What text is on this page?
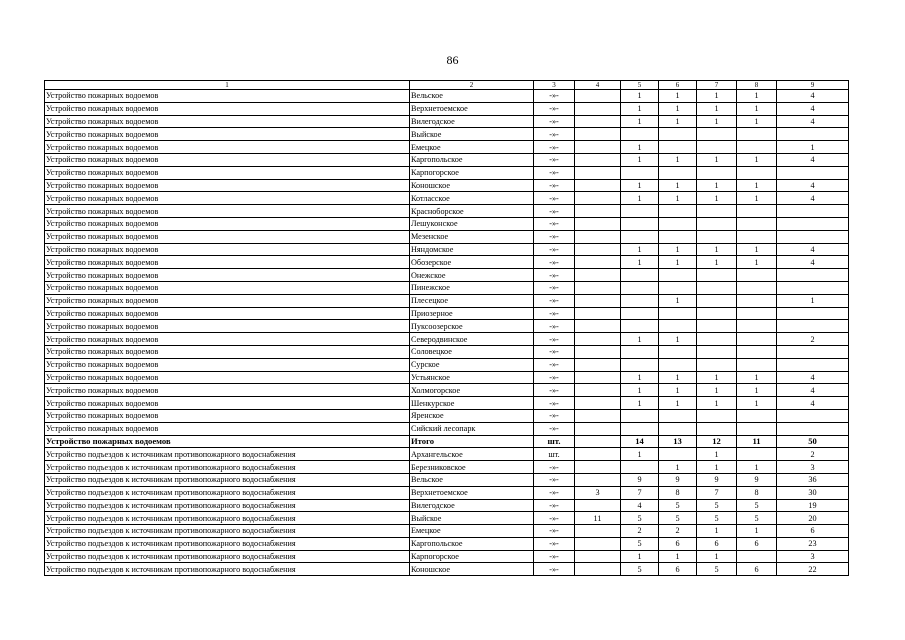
86
1	2	3	4	5	6	7	8	9
Устройство пожарных водоемов	Вельское	-»-		1	1	1	1	4
Устройство пожарных водоемов	Верхнетоемское	-»-		1	1	1	1	4
Устройство пожарных водоемов	Вилегодское	-»-		1	1	1	1	4
Устройство пожарных водоемов	Выйское	-»-						
Устройство пожарных водоемов	Емецкое	-»-		1				1
Устройство пожарных водоемов	Каргопольское	-»-		1	1	1	1	4
Устройство пожарных водоемов	Карпогорское	-»-						
Устройство пожарных водоемов	Коношское	-»-		1	1	1	1	4
Устройство пожарных водоемов	Котласское	-»-		1	1	1	1	4
Устройство пожарных водоемов	Красноборское	-»-						
Устройство пожарных водоемов	Лешуконское	-»-						
Устройство пожарных водоемов	Мезенское	-»-						
Устройство пожарных водоемов	Няндомское	-»-		1	1	1	1	4
Устройство пожарных водоемов	Обозерское	-»-		1	1	1	1	4
Устройство пожарных водоемов	Онежское	-»-						
Устройство пожарных водоемов	Пинежское	-»-						
Устройство пожарных водоемов	Плесецкое	-»-			1			1
Устройство пожарных водоемов	Приозерное	-»-						
Устройство пожарных водоемов	Пуксоозерское	-»-						
Устройство пожарных водоемов	Северодвинское	-»-		1	1			2
Устройство пожарных водоемов	Соловецкое	-»-						
Устройство пожарных водоемов	Сурское	-»-						
Устройство пожарных водоемов	Устьянское	-»-		1	1	1	1	4
Устройство пожарных водоемов	Холмогорское	-»-		1	1	1	1	4
Устройство пожарных водоемов	Шенкурское	-»-		1	1	1	1	4
Устройство пожарных водоемов	Яренское	-»-						
Устройство пожарных водоемов	Сийский лесопарк	-»-						
Устройство пожарных водоемов	Итого	шт.		14	13	12	11	50
Устройство подъездов к источникам противопожарного водоснабжения	Архангельское	шт.		1		1		2
Устройство подъездов к источникам противопожарного водоснабжения	Березниковское	-»-			1	1	1	3
Устройство подъездов к источникам противопожарного водоснабжения	Вельское	-»-		9	9	9	9	36
Устройство подъездов к источникам противопожарного водоснабжения	Верхнетоемское	-»-	3	7	8	7	8	30
Устройство подъездов к источникам противопожарного водоснабжения	Вилегодское	-»-		4	5	5	5	19
Устройство подъездов к источникам противопожарного водоснабжения	Выйское	-»-	11	5	5	5	5	20
Устройство подъездов к источникам противопожарного водоснабжения	Емецкое	-»-		2	2	1	1	6
Устройство подъездов к источникам противопожарного водоснабжения	Каргопольское	-»-		5	6	6	6	23
Устройство подъездов к источникам противопожарного водоснабжения	Карпогорское	-»-		1	1	1		3
Устройство подъездов к источникам противопожарного водоснабжения	Коношское	-»-		5	6	5	6	22
